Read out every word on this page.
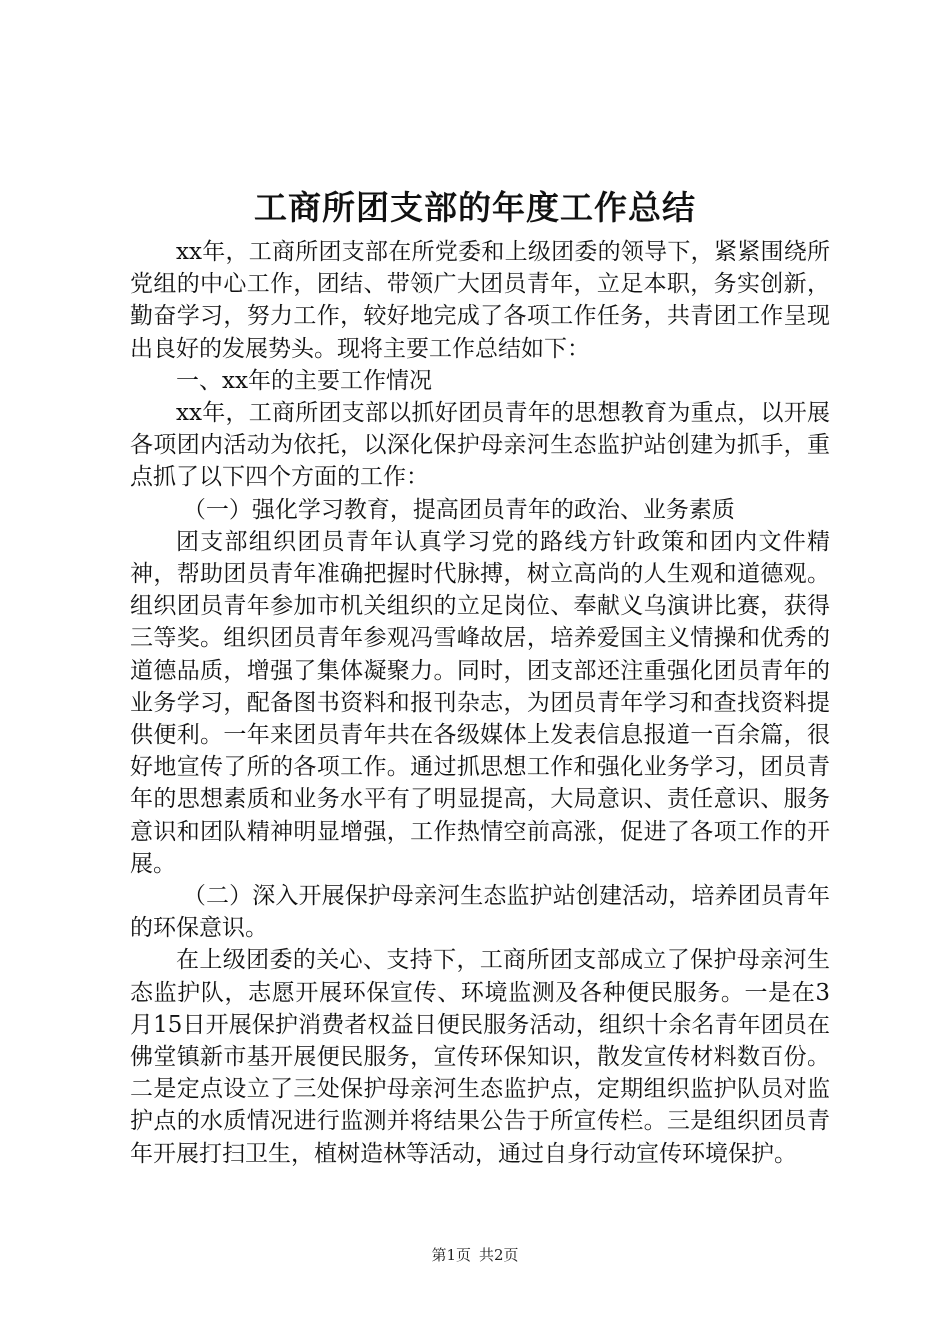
工商所团支部的年度工作总结

xx年，工商所团支部在所党委和上级团委的领导下，紧紧围绕所党组的中心工作，团结、带领广大团员青年，立足本职，务实创新，勤奋学习，努力工作，较好地完成了各项工作任务，共青团工作呈现出良好的发展势头。现将主要工作总结如下：

一、xx年的主要工作情况

xx年，工商所团支部以抓好团员青年的思想教育为重点，以开展各项团内活动为依托，以深化保护母亲河生态监护站创建为抓手，重点抓了以下四个方面的工作：

（一）强化学习教育，提高团员青年的政治、业务素质

团支部组织团员青年认真学习党的路线方针政策和团内文件精神，帮助团员青年准确把握时代脉搏，树立高尚的人生观和道德观。组织团员青年参加市机关组织的立足岗位、奉献义乌演讲比赛，获得三等奖。组织团员青年参观冯雪峰故居，培养爱国主义情操和优秀的道德品质，增强了集体凝聚力。同时，团支部还注重强化团员青年的业务学习，配备图书资料和报刊杂志，为团员青年学习和查找资料提供便利。一年来团员青年共在各级媒体上发表信息报道一百余篇，很好地宣传了所的各项工作。通过抓思想工作和强化业务学习，团员青年的思想素质和业务水平有了明显提高，大局意识、责任意识、服务意识和团队精神明显增强，工作热情空前高涨，促进了各项工作的开展。

（二）深入开展保护母亲河生态监护站创建活动，培养团员青年的环保意识。

在上级团委的关心、支持下，工商所团支部成立了保护母亲河生态监护队，志愿开展环保宣传、环境监测及各种便民服务。一是在3月15日开展保护消费者权益日便民服务活动，组织十余名青年团员在佛堂镇新市基开展便民服务，宣传环保知识，散发宣传材料数百份。二是定点设立了三处保护母亲河生态监护点，定期组织监护队员对监护点的水质情况进行监测并将结果公告于所宣传栏。三是组织团员青年开展打扫卫生，植树造林等活动，通过自身行动宣传环境保护。

第1页 共2页
